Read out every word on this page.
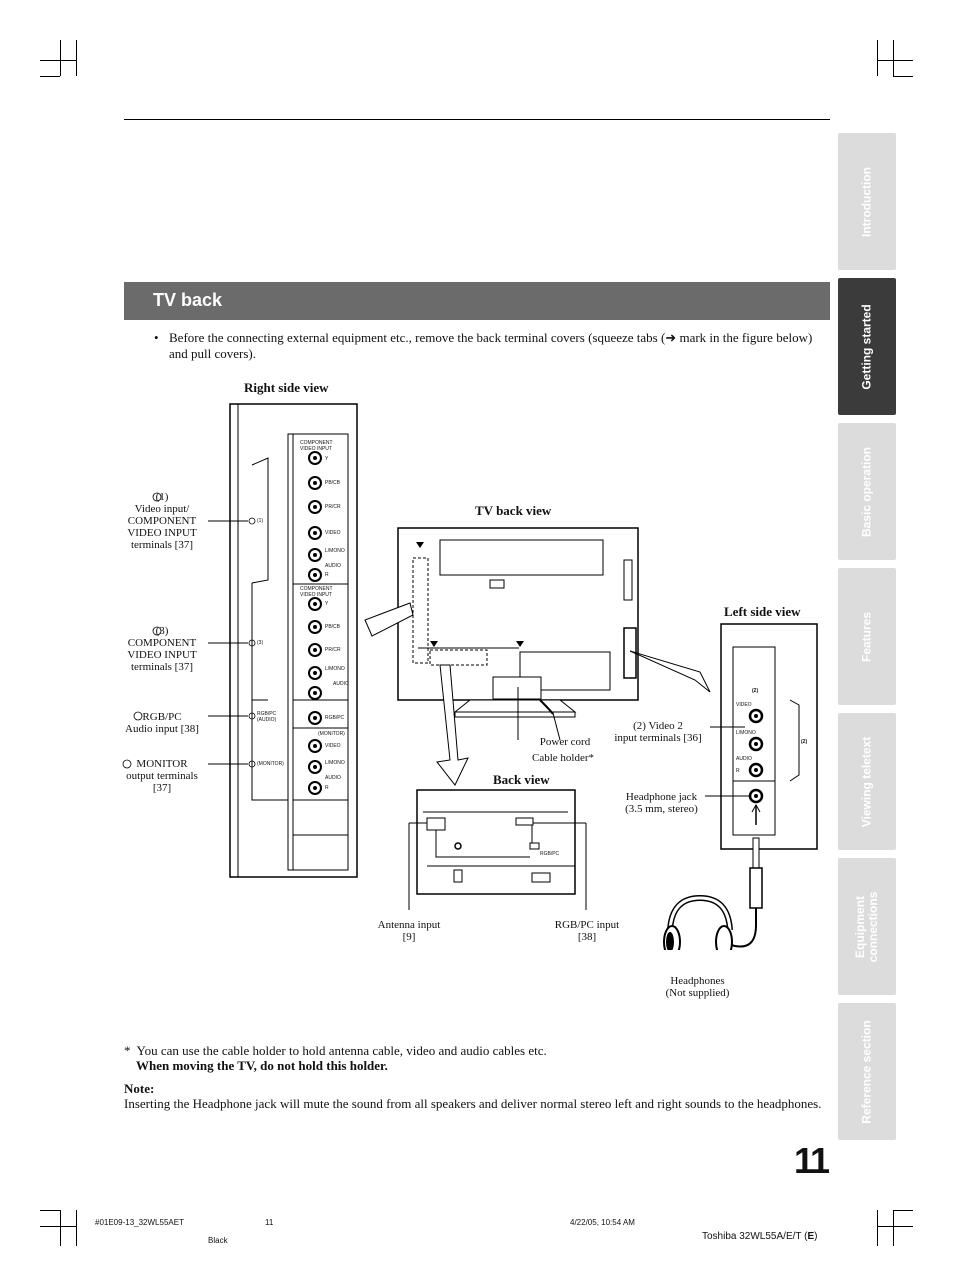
Introduction
Getting started
Basic operation
Features
Viewing teletext
Equipment
connections
Reference section
TV back
• Before the connecting external equipment etc., remove the back terminal covers (squeeze tabs (➜ mark in the figure below) and pull covers).
Right side view
TV back view
Left side view
Back view
(1)
Video input/
COMPONENT
VIDEO INPUT
terminals [37]
(3)
COMPONENT
VIDEO INPUT
terminals [37]
RGB/PC
Audio input [38]
MONITOR
output terminals
[37]
(1)
(3)
RGB/PC
(AUDIO)
(MONITOR)
COMPONENT
VIDEO INPUT
COMPONENT
VIDEO INPUT
Y
PB/CB
PR/CR
VIDEO
L/MONO
AUDIO
R
Y
PB/CB
PR/CR
L/MONO
AUDIO
RGB/PC
(MONITOR)
VIDEO
L/MONO
AUDIO
R
Power cord
Cable holder*
RGB/PC
Antenna input
[9]
RGB/PC input
[38]
(2)
VIDEO
L/MONO
AUDIO
R
(2)
(2) Video 2
input terminals [36]
Headphone jack
(3.5 mm, stereo)
Headphones
(Not supplied)
*  You can use the cable holder to hold antenna cable, video and audio cables etc.
When moving the TV, do not hold this holder.
Note:
Inserting the Headphone jack will mute the sound from all speakers and deliver normal stereo left and right sounds to the headphones.
11
#01E09-13_32WL55AET	11	4/22/05, 10:54 AM
Black	Toshiba 32WL55A/E/T (E)
